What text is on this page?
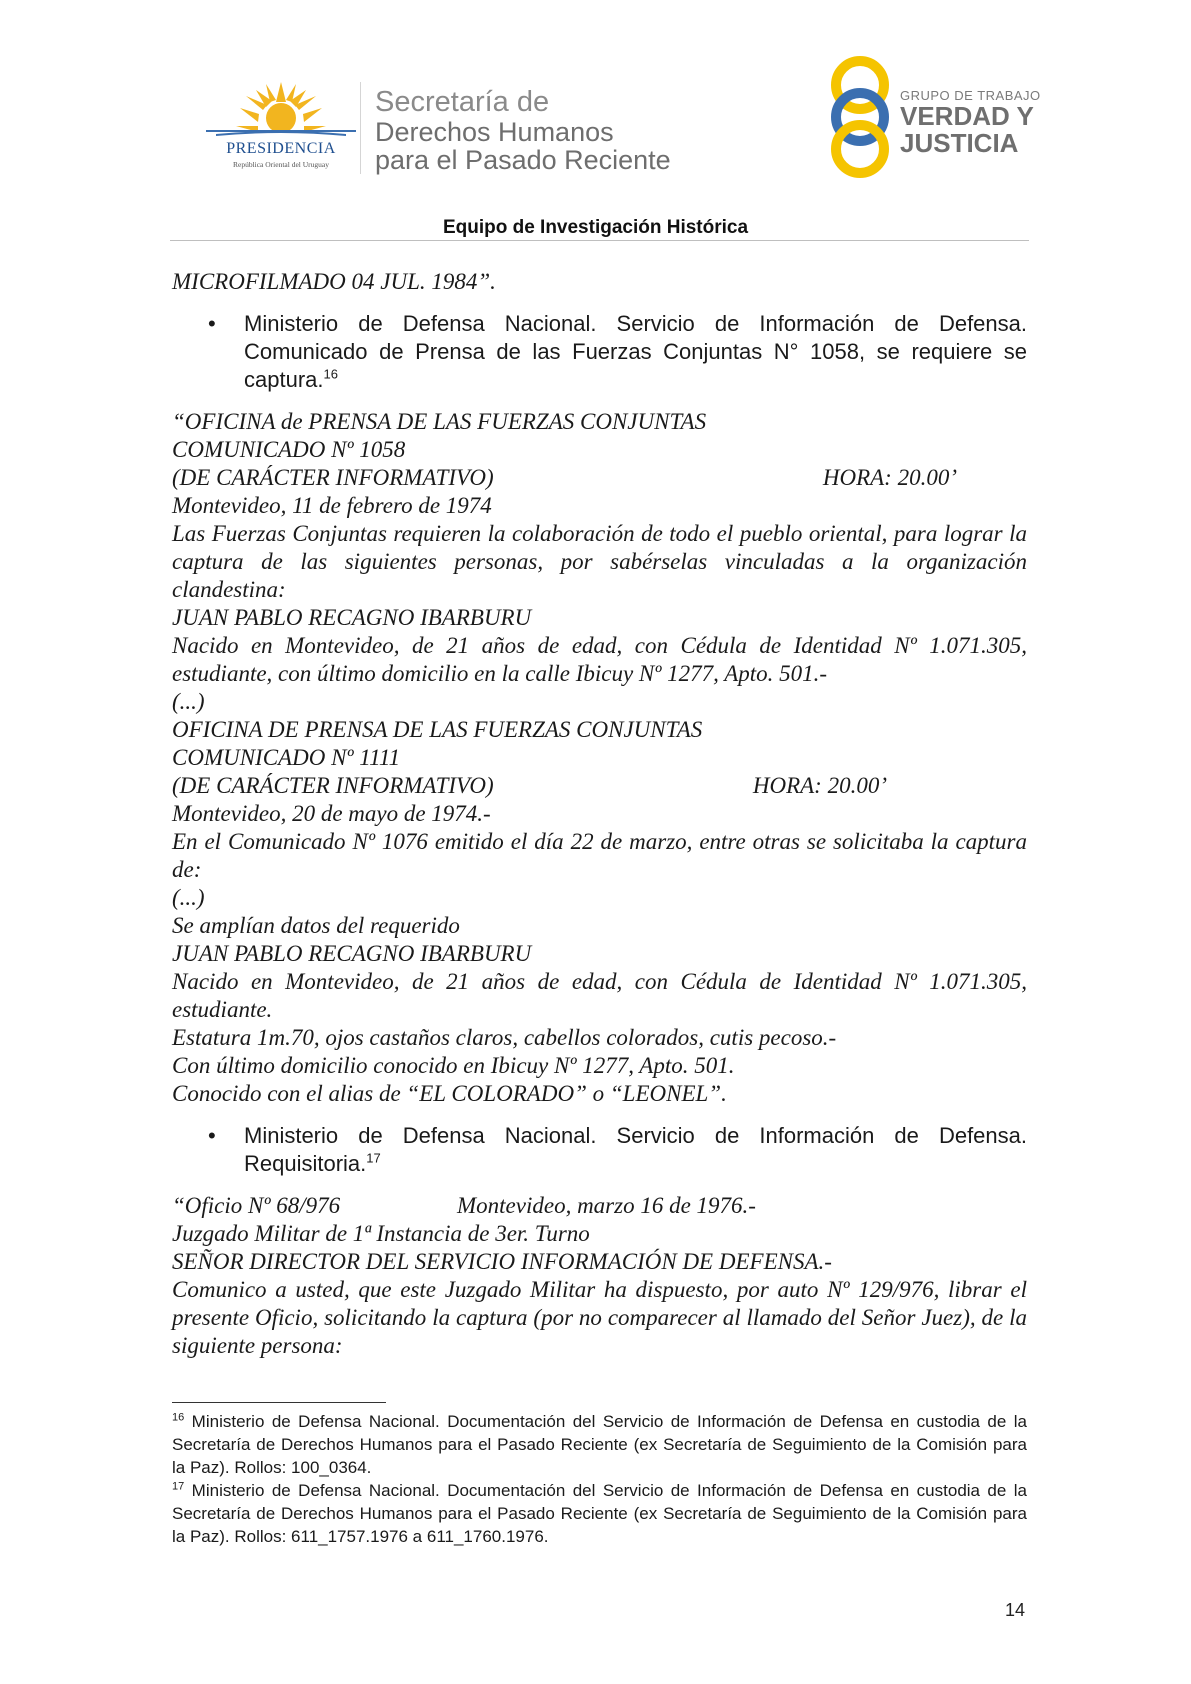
PRESIDENCIA
República Oriental del Uruguay
Secretaría de
Derechos Humanos
para el Pasado Reciente
GRUPO DE TRABAJO
VERDAD Y
JUSTICIA
Equipo de Investigación Histórica

MICROFILMADO 04 JUL. 1984”.

•	Ministerio de Defensa Nacional. Servicio de Información de Defensa. Comunicado de Prensa de las Fuerzas Conjuntas N° 1058, se requiere se captura.$^{16}$

“OFICINA de PRENSA DE LAS FUERZAS CONJUNTAS

COMUNICADO Nº 1058

(DE CARÁCTER INFORMATIVO)	HORA: 20.00’

Montevideo, 11 de febrero de 1974

Las Fuerzas Conjuntas requieren la colaboración de todo el pueblo oriental, para lograr la captura de las siguientes personas, por sabérselas vinculadas a la organización clandestina:

JUAN PABLO RECAGNO IBARBURU

Nacido en Montevideo, de 21 años de edad, con Cédula de Identidad Nº 1.071.305, estudiante, con último domicilio en la calle Ibicuy Nº 1277, Apto. 501.-

(...)

OFICINA DE PRENSA DE LAS FUERZAS CONJUNTAS

COMUNICADO Nº 1111

(DE CARÁCTER INFORMATIVO)	HORA: 20.00’

Montevideo, 20 de mayo de 1974.-

En el Comunicado Nº 1076 emitido el día 22 de marzo, entre otras se solicitaba la captura de:

(...)

Se amplían datos del requerido

JUAN PABLO RECAGNO IBARBURU

Nacido en Montevideo, de 21 años de edad, con Cédula de Identidad Nº 1.071.305, estudiante.

Estatura 1m.70, ojos castaños claros, cabellos colorados, cutis pecoso.-

Con último domicilio conocido en Ibicuy Nº 1277, Apto. 501.

Conocido con el alias de “EL COLORADO” o “LEONEL”.

•	Ministerio de Defensa Nacional. Servicio de Información de Defensa. Requisitoria.$^{17}$
“Oficio Nº 68/976	Montevideo, marzo 16 de 1976.-

Juzgado Militar de 1ª Instancia de 3er. Turno

SEÑOR DIRECTOR DEL SERVICIO INFORMACIÓN DE DEFENSA.-

Comunico a usted, que este Juzgado Militar ha dispuesto, por auto Nº 129/976, librar el presente Oficio, solicitando la captura (por no comparecer al llamado del Señor Juez), de la siguiente persona:

$^{16}$ Ministerio de Defensa Nacional. Documentación del Servicio de Información de Defensa en custodia de la Secretaría de Derechos Humanos para el Pasado Reciente (ex Secretaría de Seguimiento de la Comisión para la Paz). Rollos: 100_0364.

$^{17}$ Ministerio de Defensa Nacional. Documentación del Servicio de Información de Defensa en custodia de la Secretaría de Derechos Humanos para el Pasado Reciente (ex Secretaría de Seguimiento de la Comisión para la Paz). Rollos: 611_1757.1976 a 611_1760.1976.

14
